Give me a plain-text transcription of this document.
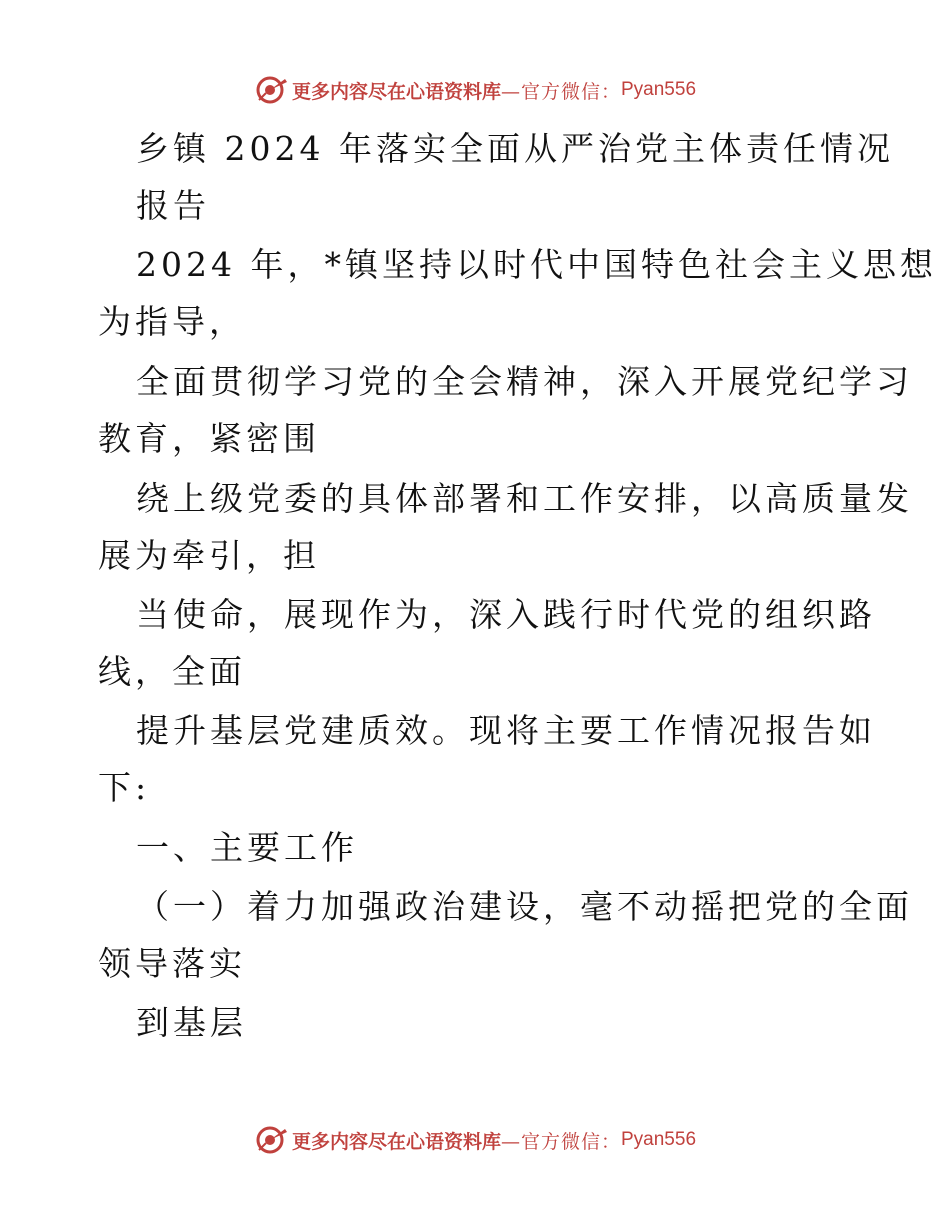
更多内容尽在心语资料库 —官方微信： Pyan556
乡镇 2024 年落实全面从严治党主体责任情况
报告
2024 年，*镇坚持以时代中国特色社会主义思想
为指导，
全面贯彻学习党的全会精神，深入开展党纪学习
教育，紧密围
绕上级党委的具体部署和工作安排，以高质量发
展为牵引，担
当使命，展现作为，深入践行时代党的组织路
线，全面
提升基层党建质效。现将主要工作情况报告如
下:
一、主要工作
（一）着力加强政治建设，毫不动摇把党的全面
领导落实
到基层
更多内容尽在心语资料库 —官方微信： Pyan556
